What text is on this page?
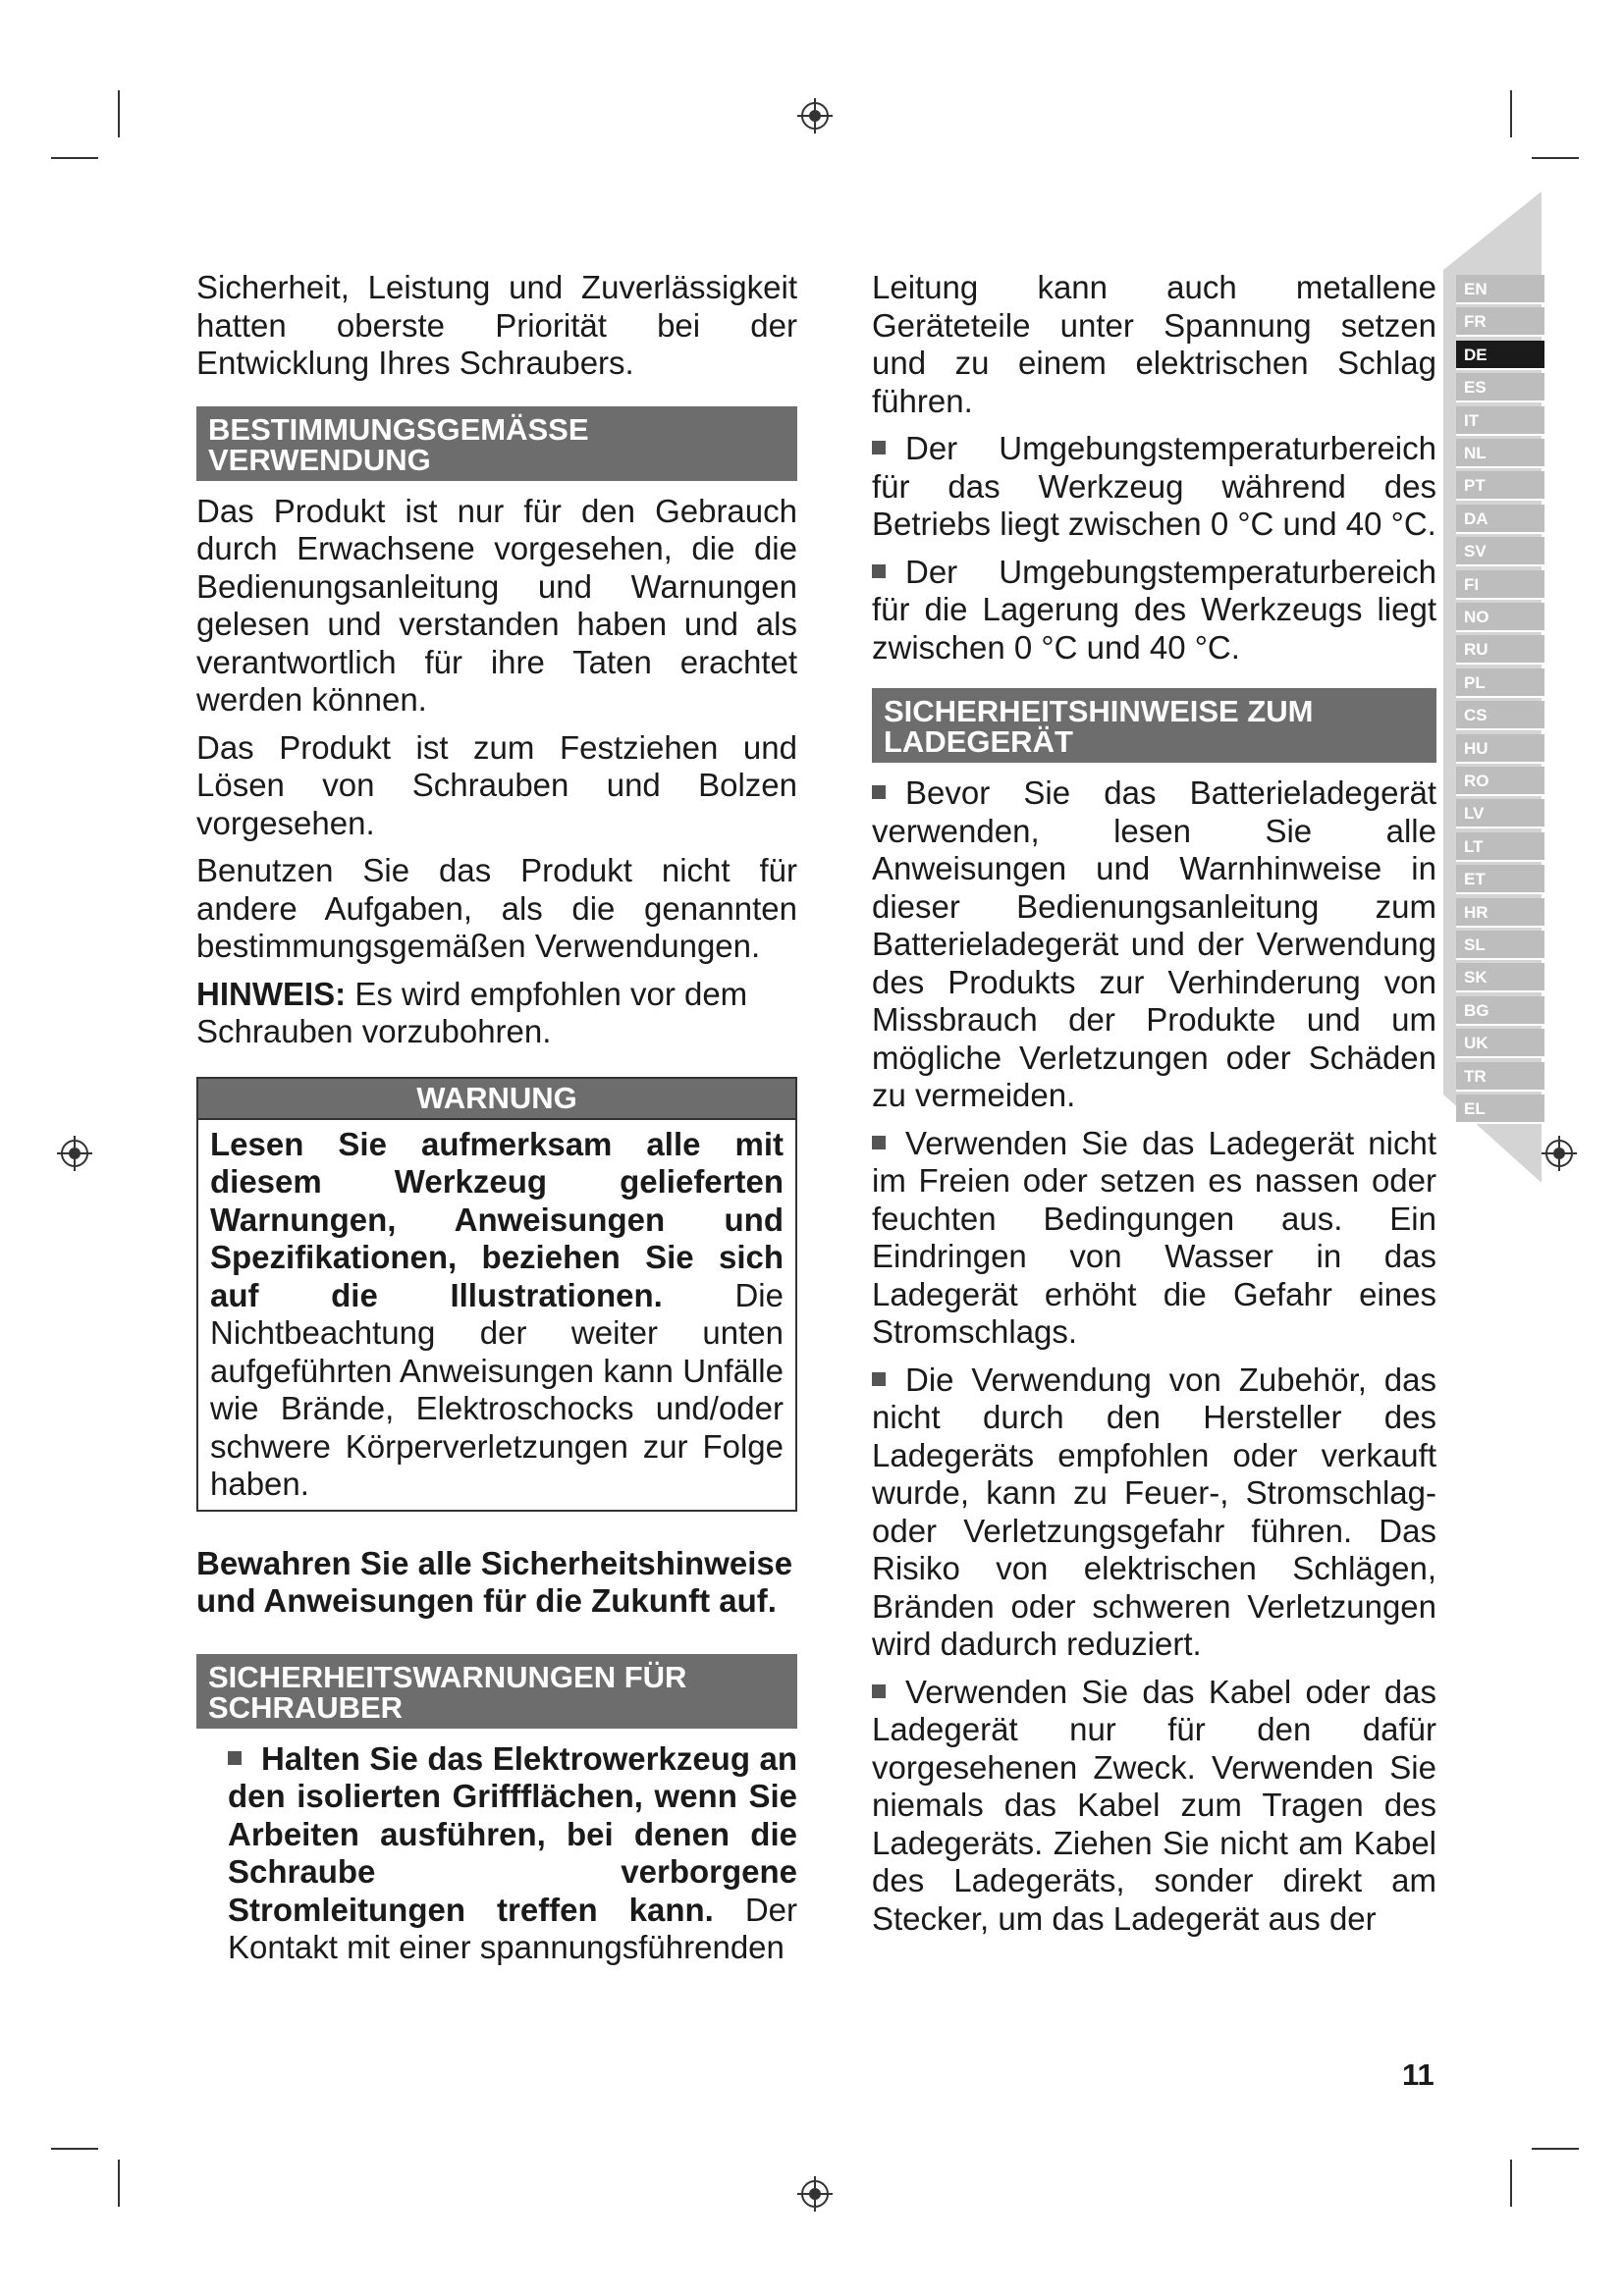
EN
FR
DE
ES
IT
NL
PT
DA
SV
FI
NO
RU
PL
CS
HU
RO
LV
LT
ET
HR
SL
SK
BG
UK
TR
EL

Sicherheit, Leistung und Zuverlässigkeit hatten oberste Priorität bei der Entwicklung Ihres Schraubers.

BESTIMMUNGSGEMÄSSE VERWENDUNG

Das Produkt ist nur für den Gebrauch durch Erwachsene vorgesehen, die die Bedienungsanleitung und Warnungen gelesen und verstanden haben und als verantwortlich für ihre Taten erachtet werden können.

Das Produkt ist zum Festziehen und Lösen von Schrauben und Bolzen vorgesehen.

Benutzen Sie das Produkt nicht für andere Aufgaben, als die genannten bestimmungsgemäßen Verwendungen.

HINWEIS: Es wird empfohlen vor dem Schrauben vorzubohren.

WARNUNG

Lesen Sie aufmerksam alle mit diesem Werkzeug gelieferten Warnungen, Anweisungen und Spezifikationen, beziehen Sie sich auf die Illustrationen. Die Nichtbeachtung der weiter unten aufgeführten Anweisungen kann Unfälle wie Brände, Elektroschocks und/oder schwere Körperverletzungen zur Folge haben.

Bewahren Sie alle Sicherheitshinweise und Anweisungen für die Zukunft auf.

SICHERHEITSWARNUNGEN FÜR SCHRAUBER

Halten Sie das Elektrowerkzeug an den isolierten Griffflächen, wenn Sie Arbeiten ausführen, bei denen die Schraube verborgene Stromleitungen treffen kann. Der Kontakt mit einer spannungsführenden

Leitung kann auch metallene Geräteteile unter Spannung setzen und zu einem elektrischen Schlag führen.

Der Umgebungstemperaturbereich für das Werkzeug während des Betriebs liegt zwischen 0 °C und 40 °C.

Der Umgebungstemperaturbereich für die Lagerung des Werkzeugs liegt zwischen 0 °C und 40 °C.

SICHERHEITSHINWEISE ZUM LADEGERÄT

Bevor Sie das Batterieladegerät verwenden, lesen Sie alle Anweisungen und Warnhinweise in dieser Bedienungsanleitung zum Batterieladegerät und der Verwendung des Produkts zur Verhinderung von Missbrauch der Produkte und um mögliche Verletzungen oder Schäden zu vermeiden.

Verwenden Sie das Ladegerät nicht im Freien oder setzen es nassen oder feuchten Bedingungen aus. Ein Eindringen von Wasser in das Ladegerät erhöht die Gefahr eines Stromschlags.

Die Verwendung von Zubehör, das nicht durch den Hersteller des Ladegeräts empfohlen oder verkauft wurde, kann zu Feuer-, Stromschlag- oder Verletzungsgefahr führen. Das Risiko von elektrischen Schlägen, Bränden oder schweren Verletzungen wird dadurch reduziert.

Verwenden Sie das Kabel oder das Ladegerät nur für den dafür vorgesehenen Zweck. Verwenden Sie niemals das Kabel zum Tragen des Ladegeräts. Ziehen Sie nicht am Kabel des Ladegeräts, sonder direkt am Stecker, um das Ladegerät aus der

11
